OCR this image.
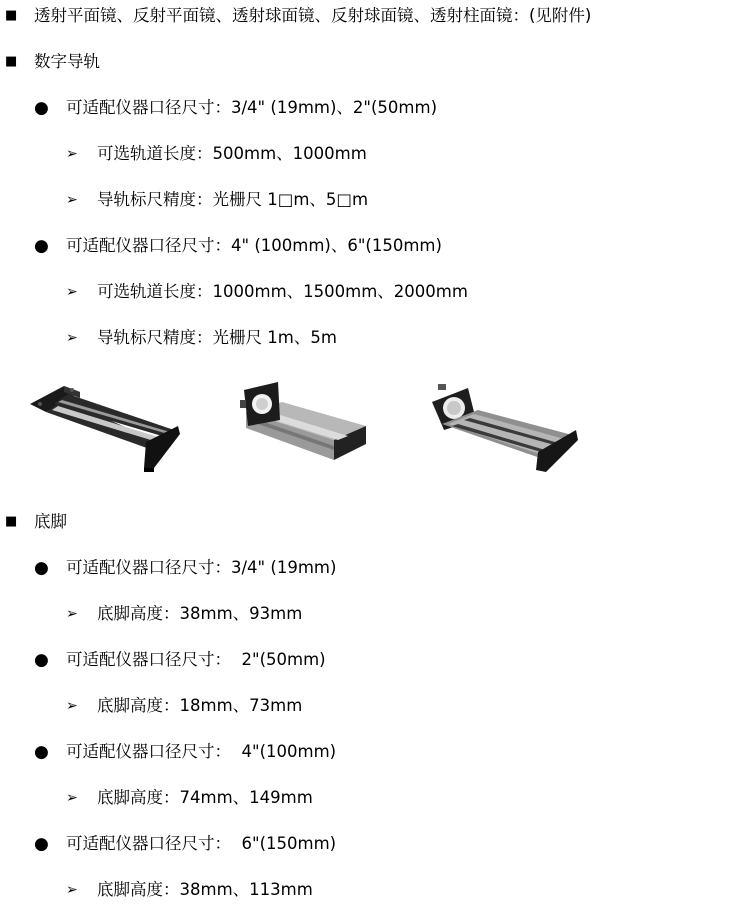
■ 透射平面镜、反射平面镜、透射球面镜、反射球面镜、透射柱面镜：(见附件)
■ 数字导轨
● 可适配仪器口径尺寸：3/4" (19mm)、2"(50mm)
➢ 可选轨道长度：500mm、1000mm
➢ 导轨标尺精度：光栅尺 1□m、5□m
● 可适配仪器口径尺寸：4" (100mm)、6"(150mm)
➢ 可选轨道长度：1000mm、1500mm、2000mm
➢ 导轨标尺精度：光栅尺 1m、5m
■ 底脚
● 可适配仪器口径尺寸：3/4" (19mm)
➢ 底脚高度：38mm、93mm
● 可适配仪器口径尺寸：  2"(50mm)
➢ 底脚高度：18mm、73mm
● 可适配仪器口径尺寸：  4"(100mm)
➢ 底脚高度：74mm、149mm
● 可适配仪器口径尺寸：  6"(150mm)
➢ 底脚高度：38mm、113mm
